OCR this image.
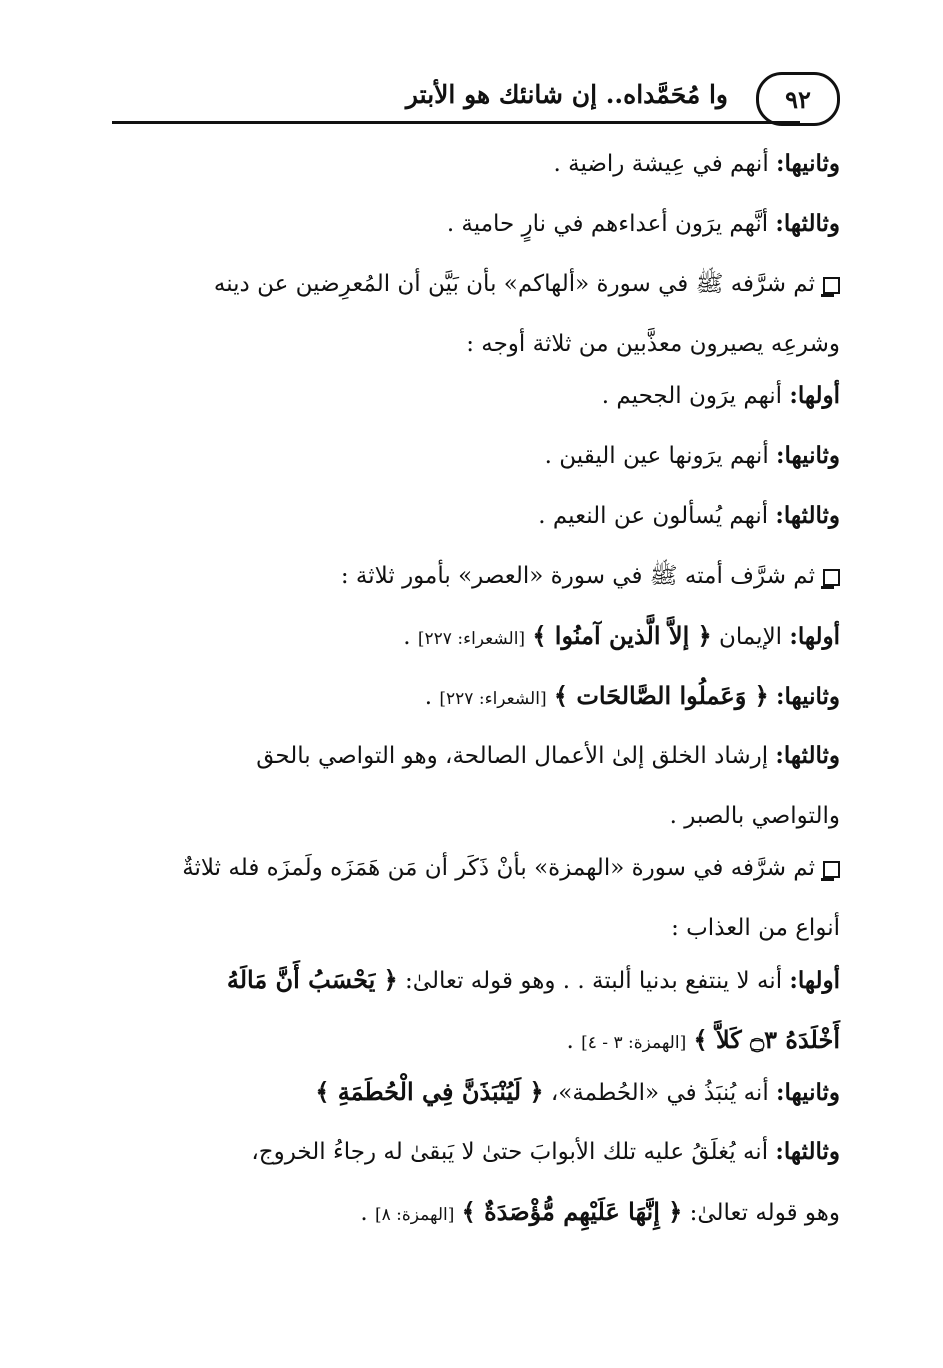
٩٢
وا مُحَمَّداه.. إن شانئك هو الأبتر
وثانيها: أنهم في عِيشة راضية .
وثالثها: أنَّهم يرَون أعداءهم في نارٍ حامية .
ثم شرَّفه ﷺ في سورة «ألهاكم» بأن بَيَّن أن المُعرِضين عن دينه
وشرعِه يصيرون معذَّبين من ثلاثة أوجه :
أولها: أنهم يرَون الجحيم .
وثانيها: أنهم يرَونها عين اليقين .
وثالثها: أنهم يُسألون عن النعيم .
ثم شرَّف أمته ﷺ في سورة «العصر» بأمور ثلاثة :
أولها: الإيمان ﴿ إلاَّ الَّذين آمنُوا ﴾ [الشعراء: ٢٢٧] .
وثانيها: ﴿ وَعَملُوا الصَّالحَات ﴾ [الشعراء: ٢٢٧] .
وثالثها: إرشاد الخلق إلىٰ الأعمال الصالحة، وهو التواصي بالحق
والتواصي بالصبر .
ثم شرَّفه في سورة «الهمزة» بأنْ ذَكَر أن مَن هَمَزَه ولَمزَه فله ثلاثةٌ
أنواع من العذاب :
أولها: أنه لا ينتفع بدنيا ألبتة . . وهو قوله تعالىٰ: ﴿ يَحْسَبُ أَنَّ مَالَهُ
أَخْلَدَهُ ۝٣ كَلاَّ ﴾ [الهمزة: ٣ - ٤] .
وثانيها: أنه يُنبَذُ في «الحُطمة»، ﴿ لَيُنْبَذَنَّ فِي الْحُطَمَةِ ﴾
وثالثها: أنه يُغلَقُ عليه تلك الأبوابَ حتىٰ لا يَبقىٰ له رجاءُ الخروج،
وهو قوله تعالىٰ: ﴿ إِنَّهَا عَلَيْهِم مُّؤْصَدَةٌ ﴾ [الهمزة: ٨] .
